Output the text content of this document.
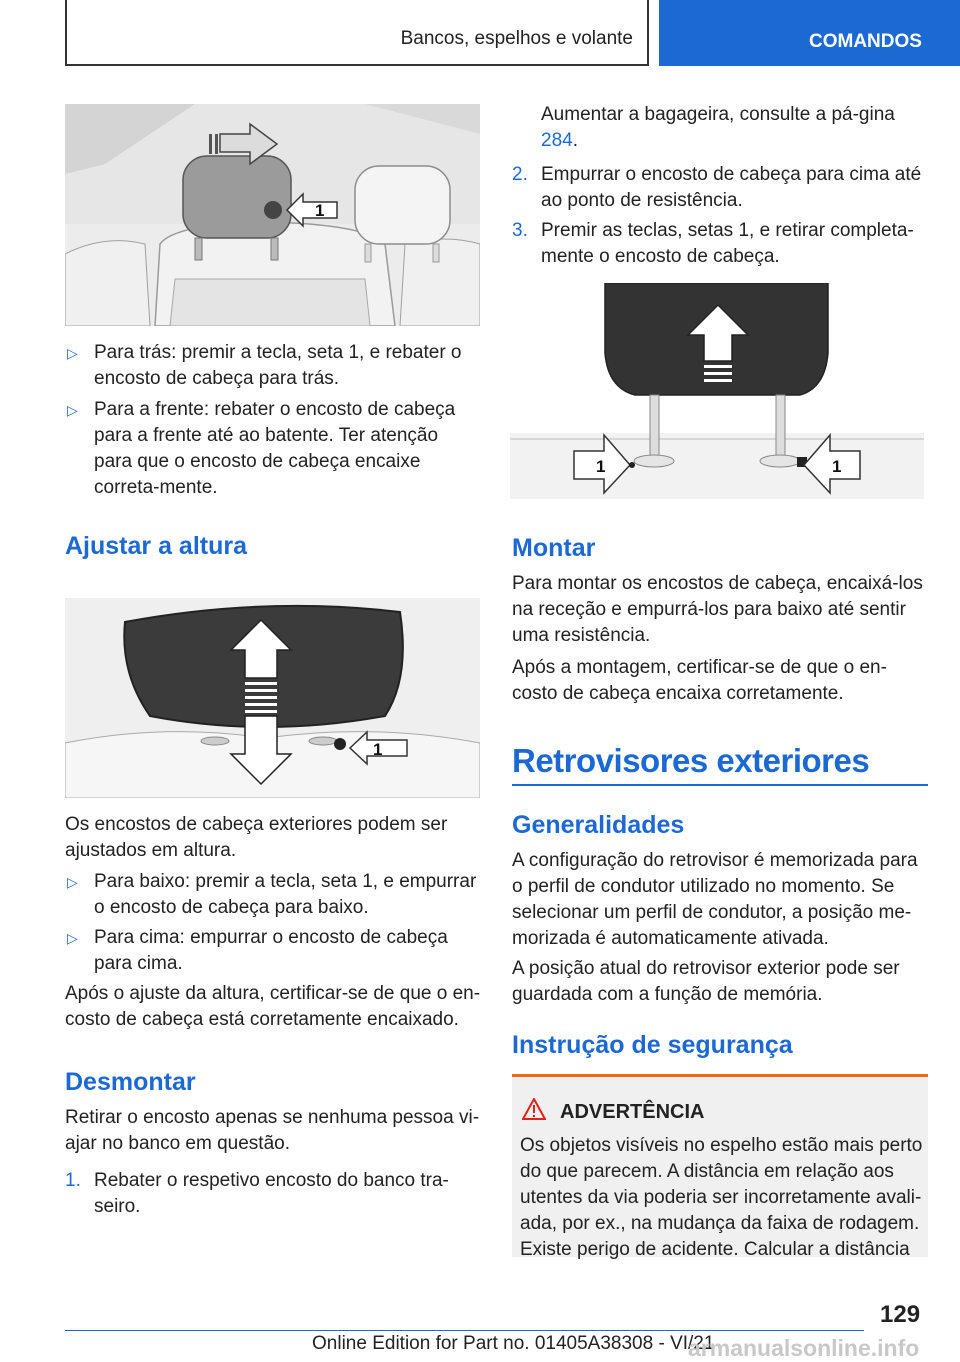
Bancos, espelhos e volante	COMANDOS
1
▷ Para trás: premir a tecla, seta 1, e rebater o encosto de cabeça para trás.
▷ Para a frente: rebater o encosto de cabeça para a frente até ao batente. Ter atenção para que o encosto de cabeça encaixe correta-mente.
Ajustar a altura
1
Os encostos de cabeça exteriores podem ser ajustados em altura.
▷ Para baixo: premir a tecla, seta 1, e empurrar o encosto de cabeça para baixo.
▷ Para cima: empurrar o encosto de cabeça para cima.
Após o ajuste da altura, certificar-se de que o en-costo de cabeça está corretamente encaixado.
Desmontar
Retirar o encosto apenas se nenhuma pessoa vi-ajar no banco em questão.
1. Rebater o respetivo encosto do banco tra-seiro.
Aumentar a bagageira, consulte a pá-gina 284.
2. Empurrar o encosto de cabeça para cima até ao ponto de resistência.
3. Premir as teclas, setas 1, e retirar completa-mente o encosto de cabeça.
1	1
Montar
Para montar os encostos de cabeça, encaixá-los na receção e empurrá-los para baixo até sentir uma resistência.
Após a montagem, certificar-se de que o en-costo de cabeça encaixa corretamente.
Retrovisores exteriores
Generalidades
A configuração do retrovisor é memorizada para o perfil de condutor utilizado no momento. Se selecionar um perfil de condutor, a posição me-morizada é automaticamente ativada.
A posição atual do retrovisor exterior pode ser guardada com a função de memória.
Instrução de segurança
ADVERTÊNCIA
Os objetos visíveis no espelho estão mais perto do que parecem. A distância em relação aos utentes da via poderia ser incorretamente avali-ada, por ex., na mudança da faixa de rodagem. Existe perigo de acidente. Calcular a distância
129
Online Edition for Part no. 01405A38308 - VI/21
armanualsonline.info
